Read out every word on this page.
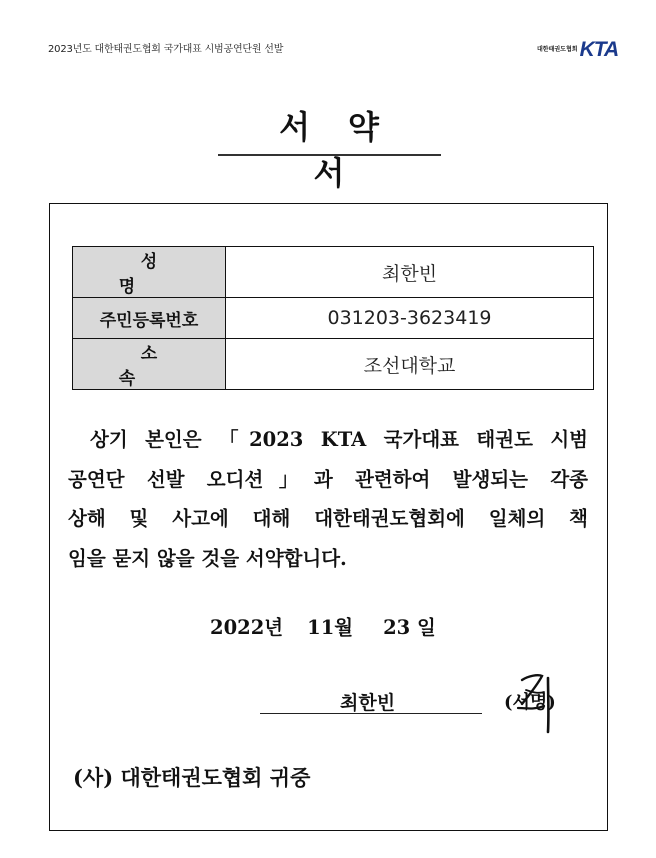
2023년도 대한태권도협회 국가대표 시범공연단원 선발	대한태권도협회 KTA
서약서
성명	최한빈
주민등록번호	031203-3623419
소속	조선대학교
상기 본인은 「2023 KTA 국가대표 태권도 시범
공연단 선발 오디션」과 관련하여 발생되는 각종
상해 및 사고에 대해 대한태권도협회에 일체의 책
임을 묻지 않을 것을 서약합니다.
2022년 11월 23 일
최한빈	(서명)
(사) 대한태권도협회 귀중
